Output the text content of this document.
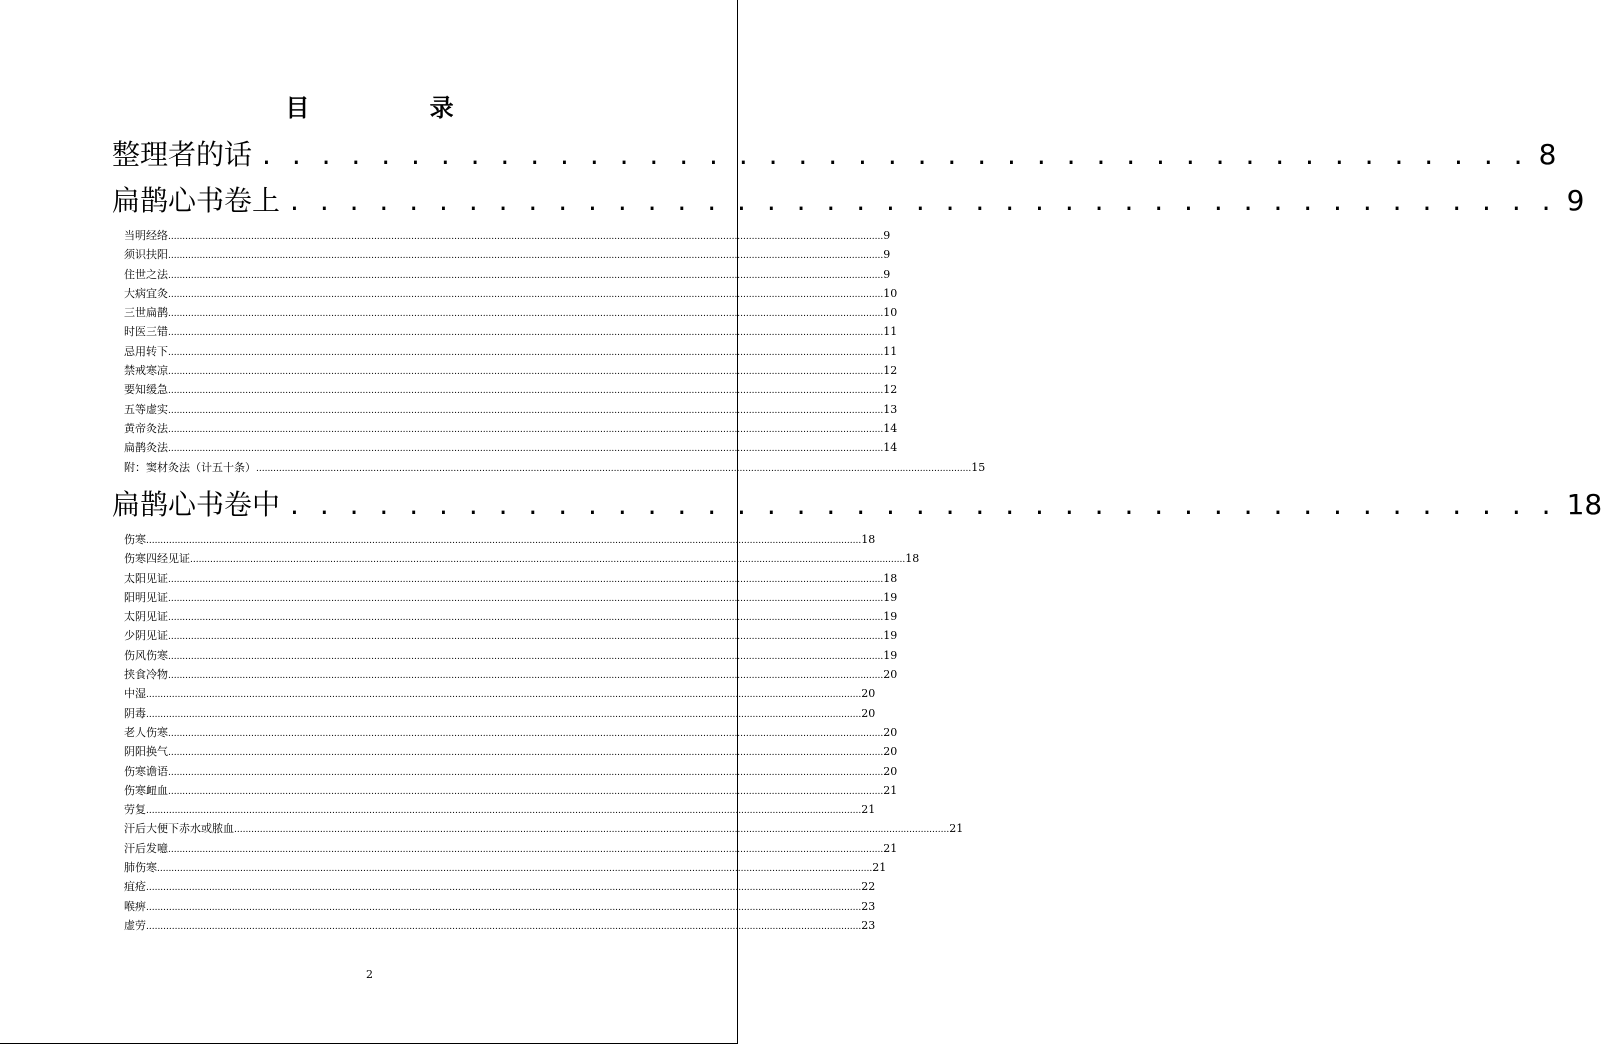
目 录
整理者的话 . . . . . . . . . . . . . . . . . . . . . . . . . . . . . . . . . . . . . . . . . . . 8
扁鹊心书卷上 . . . . . . . . . . . . . . . . . . . . . . . . . . . . . . . . . . . . . . . . . . . 9
当明经络 .......................................................................................................................................................................................................................................................... 9
须识扶阳 .......................................................................................................................................................................................................................................................... 9
住世之法 .......................................................................................................................................................................................................................................................... 9
大病宜灸 .......................................................................................................................................................................................................................................................... 10
三世扁鹊 .......................................................................................................................................................................................................................................................... 10
时医三错 .......................................................................................................................................................................................................................................................... 11
忌用转下 .......................................................................................................................................................................................................................................................... 11
禁戒寒凉 .......................................................................................................................................................................................................................................................... 12
要知缓急 .......................................................................................................................................................................................................................................................... 12
五等虚实 .......................................................................................................................................................................................................................................................... 13
黄帝灸法 .......................................................................................................................................................................................................................................................... 14
扁鹊灸法 .......................................................................................................................................................................................................................................................... 14
附：窦材灸法（计五十条） .......................................................................................................................................................................................................................................................... 15
扁鹊心书卷中 . . . . . . . . . . . . . . . . . . . . . . . . . . . . . . . . . . . . . . . . . . . 18
伤寒 .......................................................................................................................................................................................................................................................... 18
伤寒四经见证 .......................................................................................................................................................................................................................................................... 18
太阳见证 .......................................................................................................................................................................................................................................................... 18
阳明见证 .......................................................................................................................................................................................................................................................... 19
太阴见证 .......................................................................................................................................................................................................................................................... 19
少阴见证 .......................................................................................................................................................................................................................................................... 19
伤风伤寒 .......................................................................................................................................................................................................................................................... 19
挟食冷物 .......................................................................................................................................................................................................................................................... 20
中湿 .......................................................................................................................................................................................................................................................... 20
阴毒 .......................................................................................................................................................................................................................................................... 20
老人伤寒 .......................................................................................................................................................................................................................................................... 20
阴阳换气 .......................................................................................................................................................................................................................................................... 20
伤寒谵语 .......................................................................................................................................................................................................................................................... 20
伤寒衄血 .......................................................................................................................................................................................................................................................... 21
劳复 .......................................................................................................................................................................................................................................................... 21
汗后大便下赤水或脓血 .......................................................................................................................................................................................................................................................... 21
汗后发噫 .......................................................................................................................................................................................................................................................... 21
肺伤寒 .......................................................................................................................................................................................................................................................... 21
疽疮 .......................................................................................................................................................................................................................................................... 22
喉痹 .......................................................................................................................................................................................................................................................... 23
虚劳 .......................................................................................................................................................................................................................................................... 23
2
